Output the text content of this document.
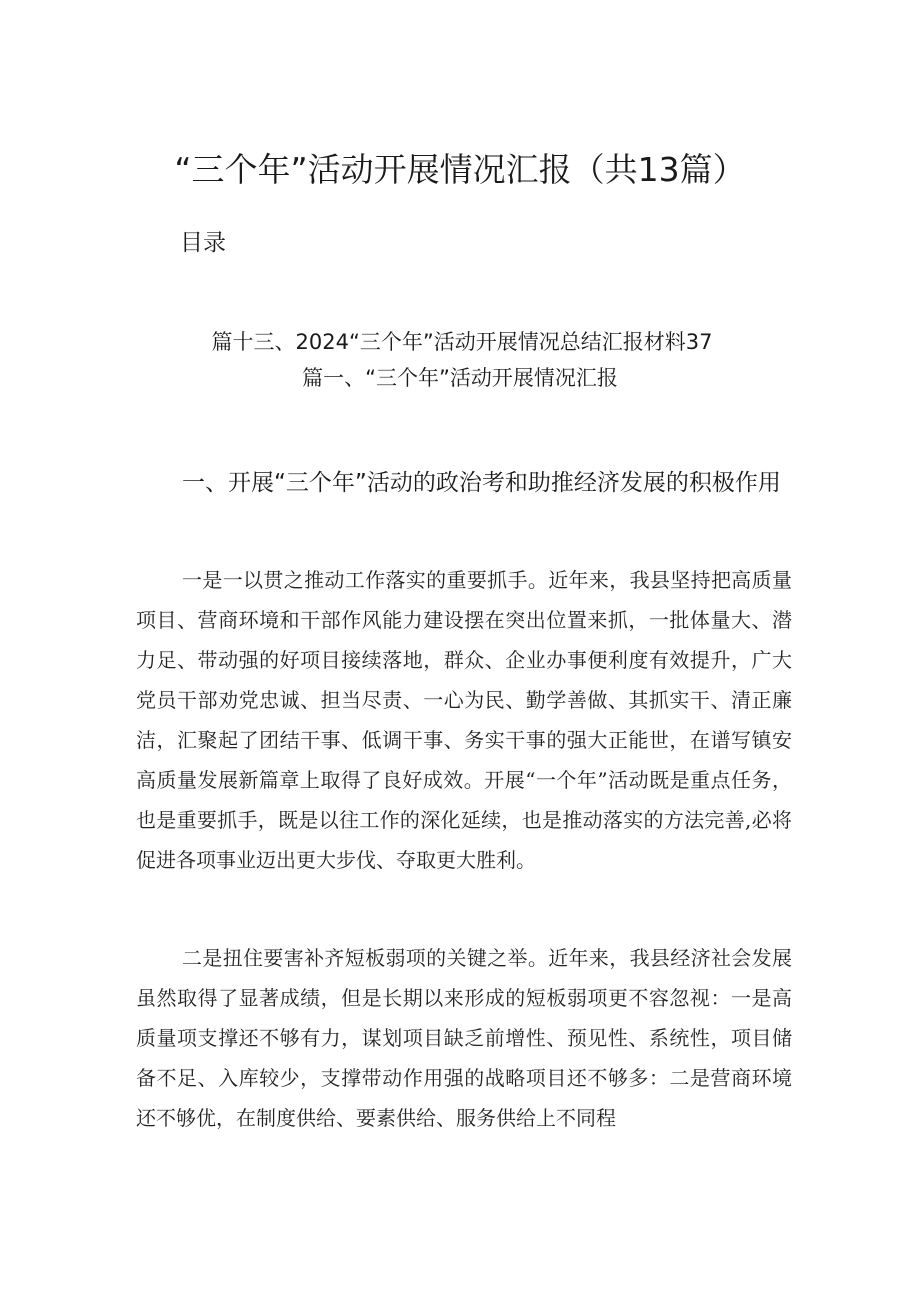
“三个年”活动开展情况汇报（共13篇）
目录
篇十三、2024“三个年”活动开展情况总结汇报材料37
篇一、“三个年”活动开展情况汇报
一、开展“三个年”活动的政治考和助推经济发展的积极作用

一是一以贯之推动工作落实的重要抓手。近年来，我县坚持把高质量项目、营商环境和干部作风能力建设摆在突出位置来抓，一批体量大、潜力足、带动强的好项目接续落地，群众、企业办事便利度有效提升，广大党员干部劝党忠诚、担当尽责、一心为民、勤学善做、其抓实干、清正廉洁，汇聚起了团结干事、低调干事、务实干事的强大正能世，在谱写镇安高质量发展新篇章上取得了良好成效。开展“一个年”活动既是重点任务，也是重要抓手，既是以往工作的深化延续，也是推动落实的方法完善,必将促进各项事业迈出更大步伐、夺取更大胜利。

二是扭住要害补齐短板弱项的关键之举。近年来，我县经济社会发展虽然取得了显著成绩，但是长期以来形成的短板弱项更不容忽视：一是高质量项支撑还不够有力，谋划项目缺乏前增性、预见性、系统性，项目储备不足、入库较少，支撑带动作用强的战略项目还不够多：二是营商环境还不够优，在制度供给、要素供给、服务供给上不同程
